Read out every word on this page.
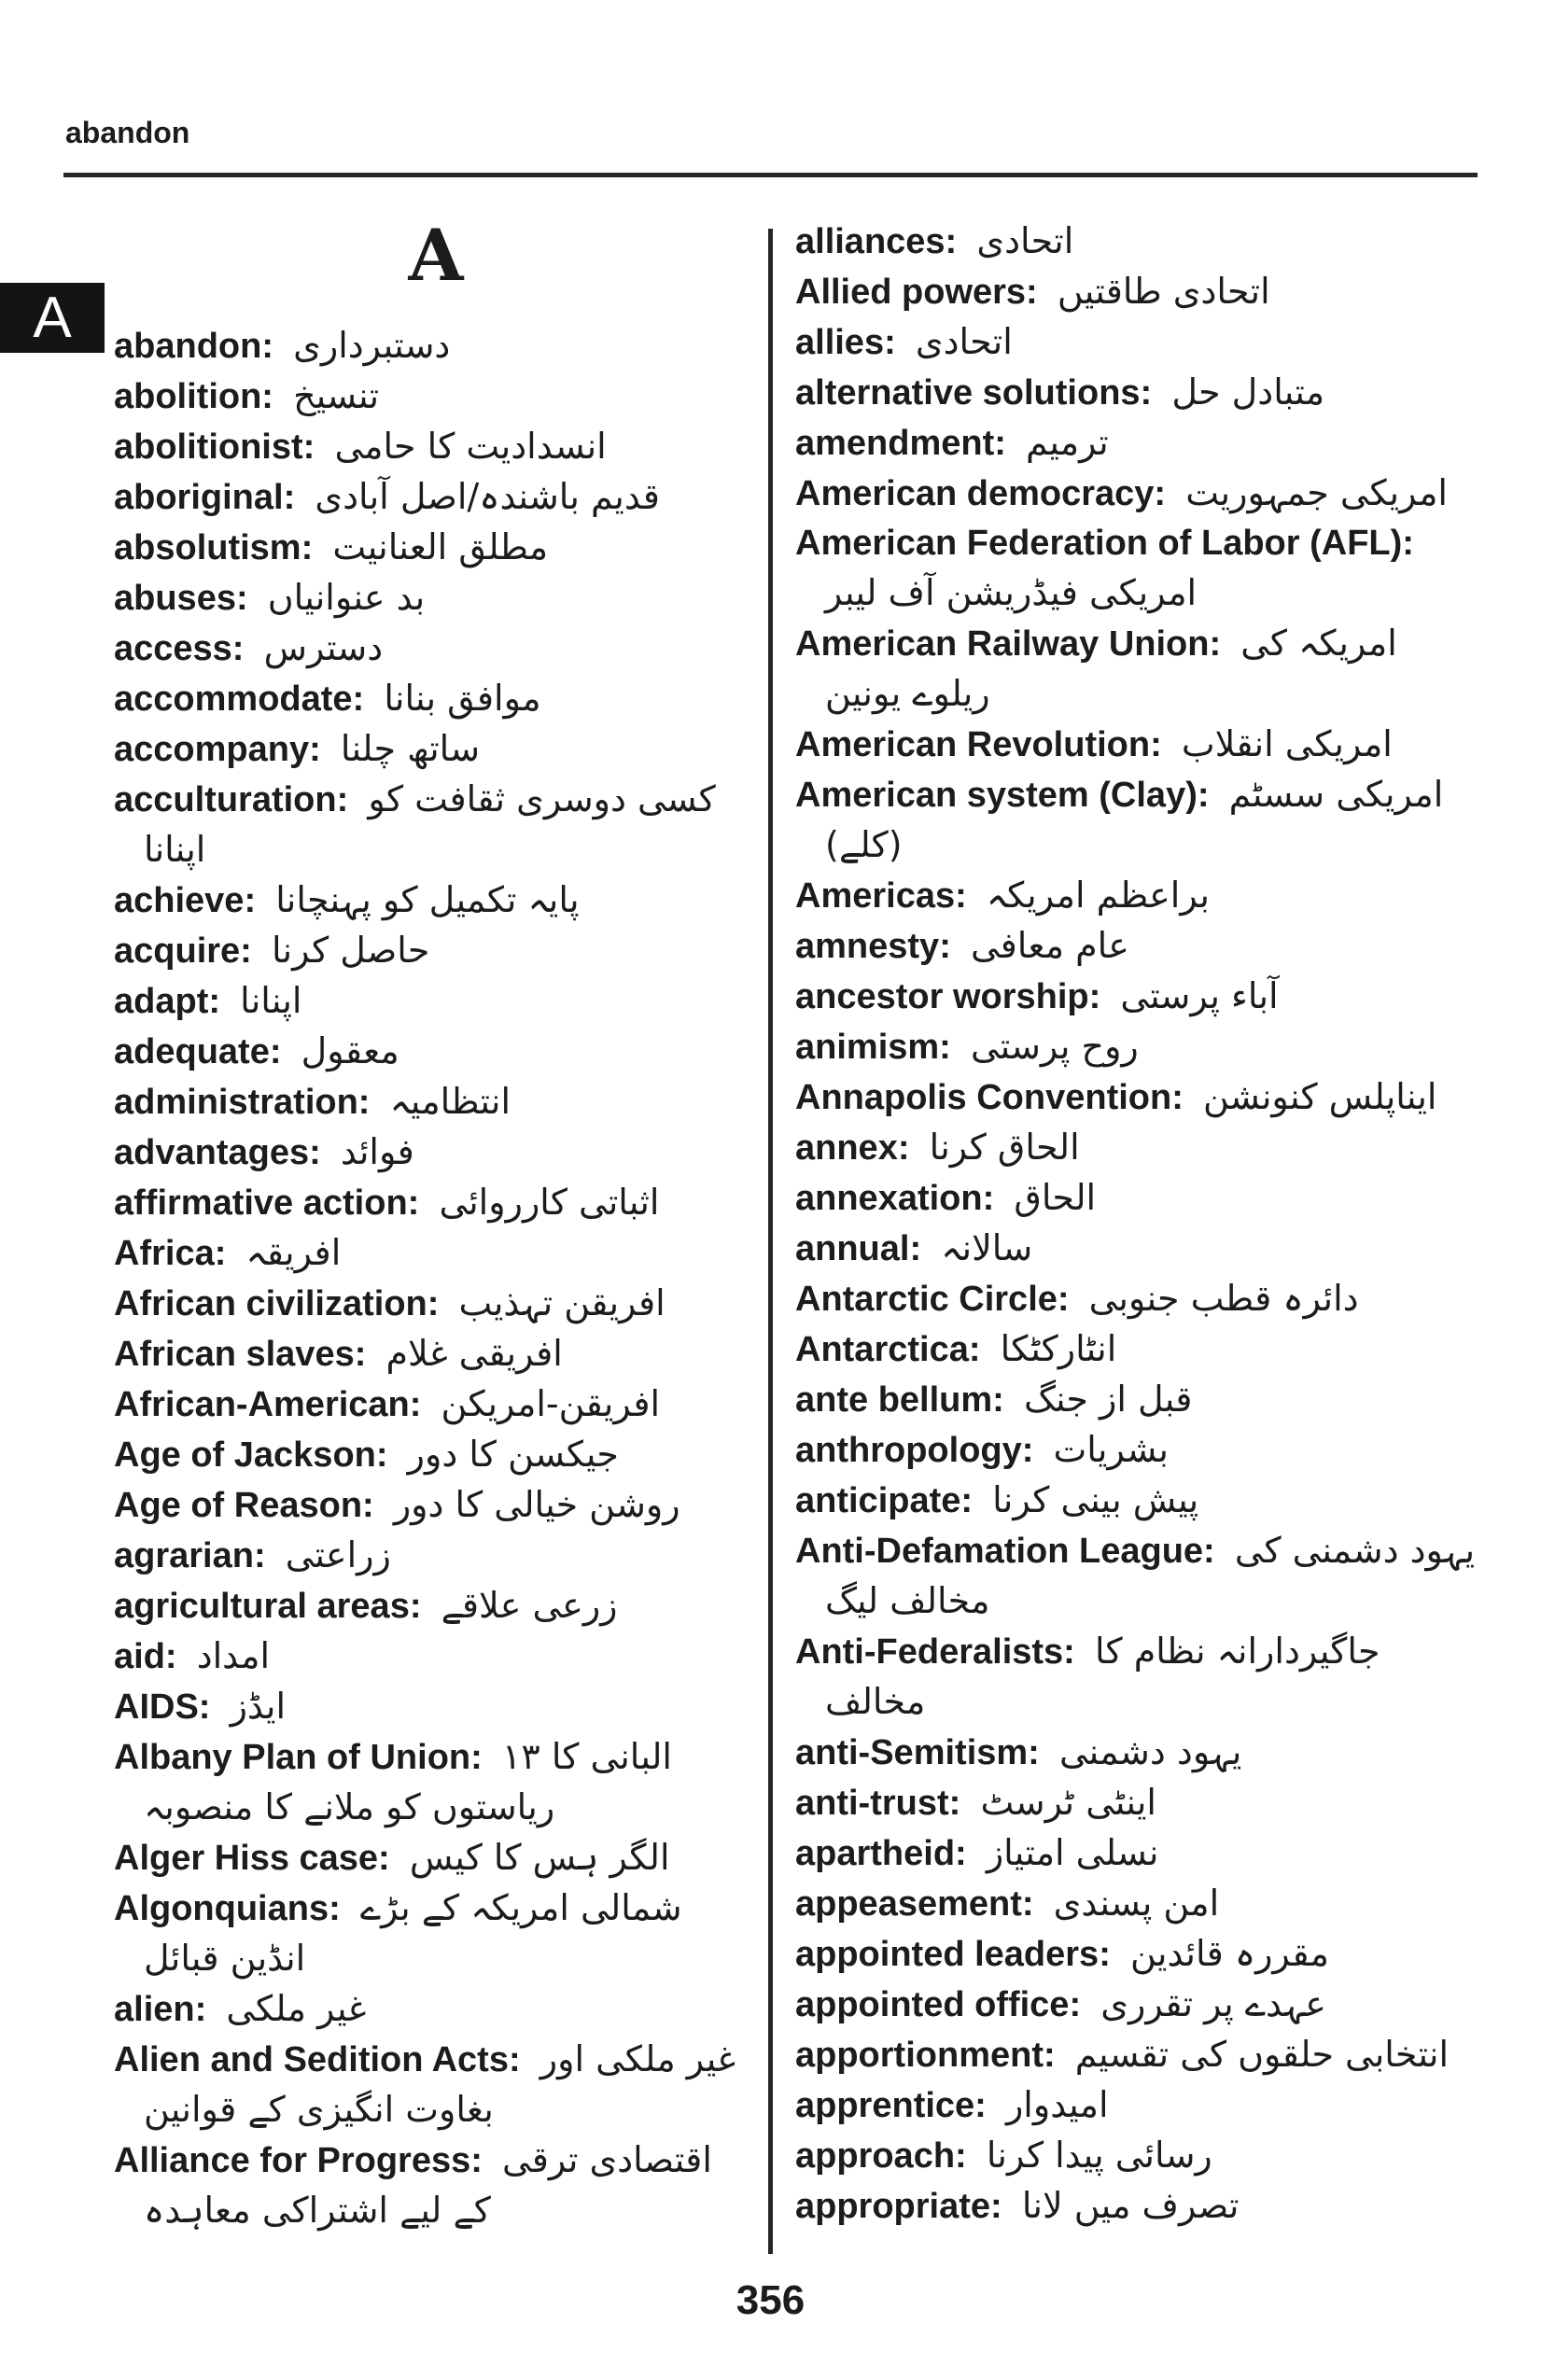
abandon
A
A
abandon: دستبرداری
abolition: تنسیخ
abolitionist: انسدادیت کا حامی
aboriginal: قدیم باشندہ/اصل آبادی
absolutism: مطلق العنانیت
abuses: بد عنوانیاں
access: دسترس
accommodate: موافق بنانا
accompany: ساتھ چلنا
acculturation: کسی دوسری ثقافت کو اپنانا
achieve: پایہ تکمیل کو پہنچانا
acquire: حاصل کرنا
adapt: اپنانا
adequate: معقول
administration: انتظامیہ
advantages: فوائد
affirmative action: اثباتی کارروائی
Africa: افریقہ
African civilization: افریقن تہذیب
African slaves: افریقی غلام
African-American: افریقن-امریکن
Age of Jackson: جیکسن کا دور
Age of Reason: روشن خیالی کا دور
agrarian: زراعتی
agricultural areas: زرعی علاقے
aid: امداد
AIDS: ایڈز
Albany Plan of Union: البانی کا ۱۳ ریاستوں کو ملانے کا منصوبہ
Alger Hiss case: الگر ہس کا کیس
Algonquians: شمالی امریکہ کے بڑے انڈین قبائل
alien: غیر ملکی
Alien and Sedition Acts: غیر ملکی اور بغاوت انگیزی کے قوانین
Alliance for Progress: اقتصادی ترقی کے لیے اشتراکی معاہدہ
alliances: اتحادی
Allied powers: اتحادی طاقتیں
allies: اتحادی
alternative solutions: متبادل حل
amendment: ترمیم
American democracy: امریکی جمہوریت
American Federation of Labor (AFL):  امریکی فیڈریشن آف لیبر
American Railway Union: امریکہ کی ریلوے یونین
American Revolution: امریکی انقلاب
American system (Clay): امریکی سسٹم (کلے)
Americas: براعظم امریکہ
amnesty: عام معافی
ancestor worship: آباء پرستی
animism: روح پرستی
Annapolis Convention: ایناپلس کنونشن
annex: الحاق کرنا
annexation: الحاق
annual: سالانہ
Antarctic Circle: دائرہ قطب جنوبی
Antarctica: انٹارکٹکا
ante bellum: قبل از جنگ
anthropology: بشریات
anticipate: پیش بینی کرنا
Anti-Defamation League: یہود دشمنی کی مخالف لیگ
Anti-Federalists: جاگیردارانہ نظام کا مخالف
anti-Semitism: یہود دشمنی
anti-trust: اینٹی ٹرسٹ
apartheid: نسلی امتیاز
appeasement: امن پسندی
appointed leaders: مقررہ قائدین
appointed office: عہدے پر تقرری
apportionment: انتخابی حلقوں کی تقسیم
apprentice: امیدوار
approach: رسائی پیدا کرنا
appropriate: تصرف میں لانا
356
